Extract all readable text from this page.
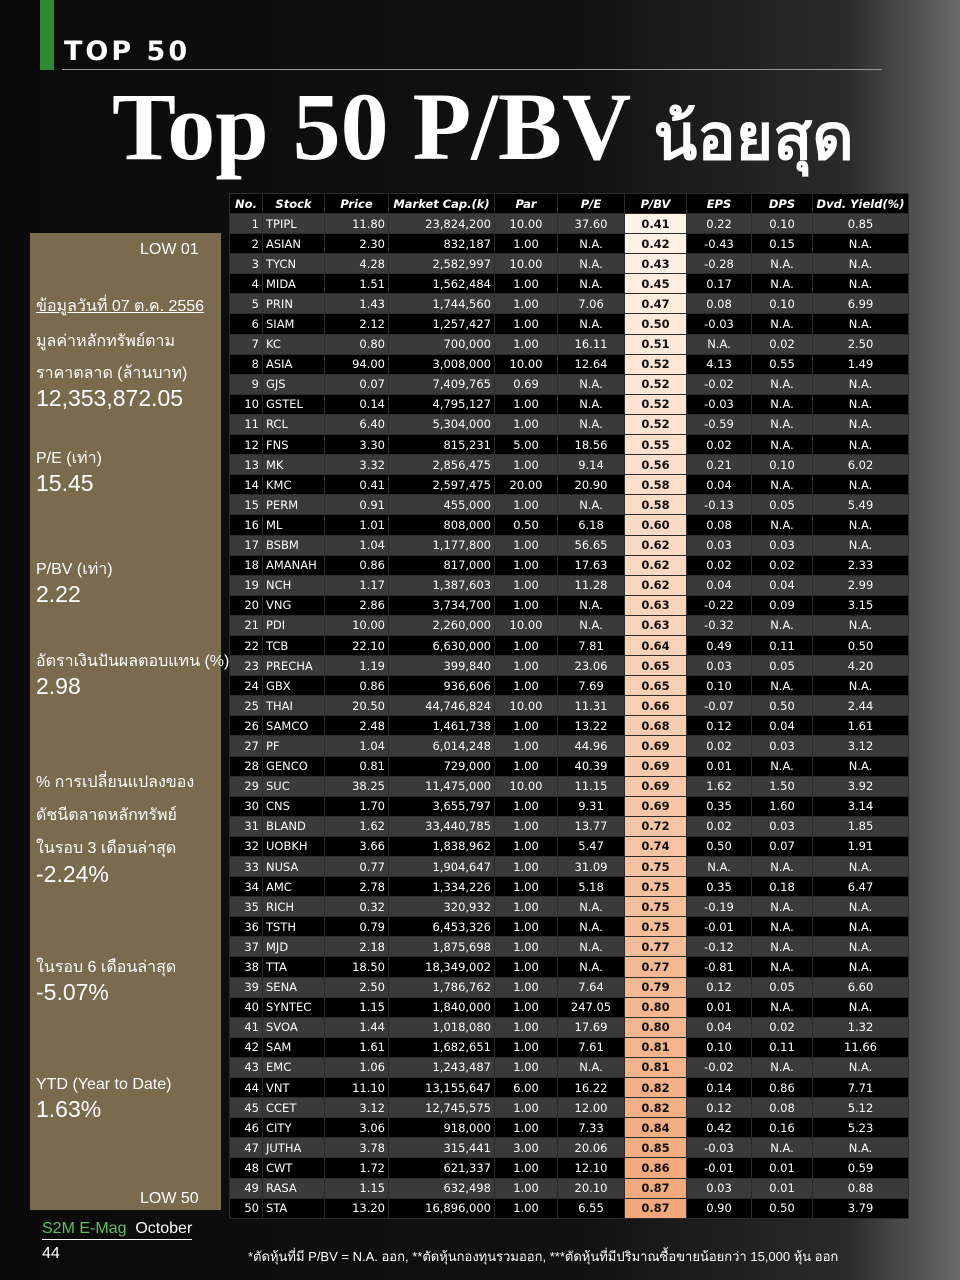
TOP 50
Top 50 P/BV น้อยสุด
LOW 01
ข้อมูลวันที่ 07 ต.ค. 2556
มูลค่าหลักทรัพย์ตาม
ราคาตลาด (ล้านบาท)
12,353,872.05
P/E (เท่า)
15.45
P/BV (เท่า)
2.22
อัตราเงินปันผลตอบแทน (%)
2.98
% การเปลี่ยนแปลงของ
ดัชนีตลาดหลักทรัพย์
ในรอบ 3 เดือนล่าสุด
-2.24%
ในรอบ 6 เดือนล่าสุด
-5.07%
YTD (Year to Date)
1.63%
LOW 50
No.	Stock	Price	Market Cap.(k)	Par	P/E	P/BV	EPS	DPS	Dvd. Yield(%)
1	TPIPL	11.80	23,824,200	10.00	37.60	0.41	0.22	0.10	0.85
2	ASIAN	2.30	832,187	1.00	N.A.	0.42	-0.43	0.15	N.A.
3	TYCN	4.28	2,582,997	10.00	N.A.	0.43	-0.28	N.A.	N.A.
4	MIDA	1.51	1,562,484	1.00	N.A.	0.45	0.17	N.A.	N.A.
5	PRIN	1.43	1,744,560	1.00	7.06	0.47	0.08	0.10	6.99
6	SIAM	2.12	1,257,427	1.00	N.A.	0.50	-0.03	N.A.	N.A.
7	KC	0.80	700,000	1.00	16.11	0.51	N.A.	0.02	2.50
8	ASIA	94.00	3,008,000	10.00	12.64	0.52	4.13	0.55	1.49
9	GJS	0.07	7,409,765	0.69	N.A.	0.52	-0.02	N.A.	N.A.
10	GSTEL	0.14	4,795,127	1.00	N.A.	0.52	-0.03	N.A.	N.A.
11	RCL	6.40	5,304,000	1.00	N.A.	0.52	-0.59	N.A.	N.A.
12	FNS	3.30	815,231	5.00	18.56	0.55	0.02	N.A.	N.A.
13	MK	3.32	2,856,475	1.00	9.14	0.56	0.21	0.10	6.02
14	KMC	0.41	2,597,475	20.00	20.90	0.58	0.04	N.A.	N.A.
15	PERM	0.91	455,000	1.00	N.A.	0.58	-0.13	0.05	5.49
16	ML	1.01	808,000	0.50	6.18	0.60	0.08	N.A.	N.A.
17	BSBM	1.04	1,177,800	1.00	56.65	0.62	0.03	0.03	N.A.
18	AMANAH	0.86	817,000	1.00	17.63	0.62	0.02	0.02	2.33
19	NCH	1.17	1,387,603	1.00	11.28	0.62	0.04	0.04	2.99
20	VNG	2.86	3,734,700	1.00	N.A.	0.63	-0.22	0.09	3.15
21	PDI	10.00	2,260,000	10.00	N.A.	0.63	-0.32	N.A.	N.A.
22	TCB	22.10	6,630,000	1.00	7.81	0.64	0.49	0.11	0.50
23	PRECHA	1.19	399,840	1.00	23.06	0.65	0.03	0.05	4.20
24	GBX	0.86	936,606	1.00	7.69	0.65	0.10	N.A.	N.A.
25	THAI	20.50	44,746,824	10.00	11.31	0.66	-0.07	0.50	2.44
26	SAMCO	2.48	1,461,738	1.00	13.22	0.68	0.12	0.04	1.61
27	PF	1.04	6,014,248	1.00	44.96	0.69	0.02	0.03	3.12
28	GENCO	0.81	729,000	1.00	40.39	0.69	0.01	N.A.	N.A.
29	SUC	38.25	11,475,000	10.00	11.15	0.69	1.62	1.50	3.92
30	CNS	1.70	3,655,797	1.00	9.31	0.69	0.35	1.60	3.14
31	BLAND	1.62	33,440,785	1.00	13.77	0.72	0.02	0.03	1.85
32	UOBKH	3.66	1,838,962	1.00	5.47	0.74	0.50	0.07	1.91
33	NUSA	0.77	1,904,647	1.00	31.09	0.75	N.A.	N.A.	N.A.
34	AMC	2.78	1,334,226	1.00	5.18	0.75	0.35	0.18	6.47
35	RICH	0.32	320,932	1.00	N.A.	0.75	-0.19	N.A.	N.A.
36	TSTH	0.79	6,453,326	1.00	N.A.	0.75	-0.01	N.A.	N.A.
37	MJD	2.18	1,875,698	1.00	N.A.	0.77	-0.12	N.A.	N.A.
38	TTA	18.50	18,349,002	1.00	N.A.	0.77	-0.81	N.A.	N.A.
39	SENA	2.50	1,786,762	1.00	7.64	0.79	0.12	0.05	6.60
40	SYNTEC	1.15	1,840,000	1.00	247.05	0.80	0.01	N.A.	N.A.
41	SVOA	1.44	1,018,080	1.00	17.69	0.80	0.04	0.02	1.32
42	SAM	1.61	1,682,651	1.00	7.61	0.81	0.10	0.11	11.66
43	EMC	1.06	1,243,487	1.00	N.A.	0.81	-0.02	N.A.	N.A.
44	VNT	11.10	13,155,647	6.00	16.22	0.82	0.14	0.86	7.71
45	CCET	3.12	12,745,575	1.00	12.00	0.82	0.12	0.08	5.12
46	CITY	3.06	918,000	1.00	7.33	0.84	0.42	0.16	5.23
47	JUTHA	3.78	315,441	3.00	20.06	0.85	-0.03	N.A.	N.A.
48	CWT	1.72	621,337	1.00	12.10	0.86	-0.01	0.01	0.59
49	RASA	1.15	632,498	1.00	20.10	0.87	0.03	0.01	0.88
50	STA	13.20	16,896,000	1.00	6.55	0.87	0.90	0.50	3.79
S2M E-Mag October
44	*ตัดหุ้นที่มี P/BV = N.A. ออก, **ตัดหุ้นกองทุนรวมออก, ***ตัดหุ้นที่มีปริมาณซื้อขายน้อยกว่า 15,000 หุ้น ออก
